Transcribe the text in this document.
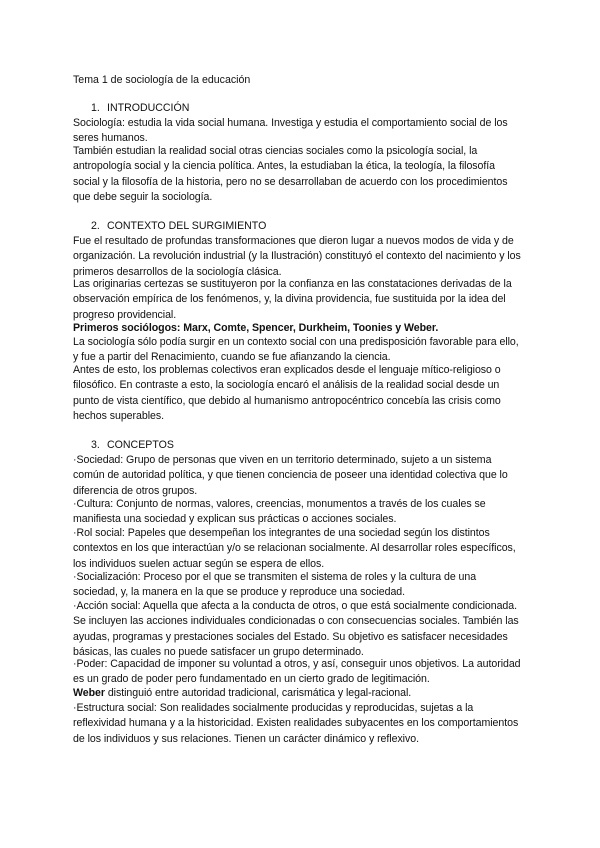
Tema 1 de sociología de la educación
1. INTRODUCCIÓN

Sociología: estudia la vida social humana. Investiga y estudia el comportamiento social de los seres humanos.

También estudian la realidad social otras ciencias sociales como la psicología social, la antropología social y la ciencia política. Antes, la estudiaban la ética, la teología, la filosofía social y la filosofía de la historia, pero no se desarrollaban de acuerdo con los procedimientos que debe seguir la sociología.

2. CONTEXTO DEL SURGIMIENTO

Fue el resultado de profundas transformaciones que dieron lugar a nuevos modos de vida y de organización. La revolución industrial (y la Ilustración) constituyó el contexto del nacimiento y los primeros desarrollos de la sociología clásica.

Las originarias certezas se sustituyeron por la confianza en las constataciones derivadas de la observación empírica de los fenómenos, y, la divina providencia, fue sustituida por la idea del progreso providencial.

Primeros sociólogos: Marx, Comte, Spencer, Durkheim, Toonies y Weber.

La sociología sólo podía surgir en un contexto social con una predisposición favorable para ello, y fue a partir del Renacimiento, cuando se fue afianzando la ciencia.

Antes de esto, los problemas colectivos eran explicados desde el lenguaje mítico-religioso o filosófico. En contraste a esto, la sociología encaró el análisis de la realidad social desde un punto de vista científico, que debido al humanismo antropocéntrico concebía las crisis como hechos superables.

3. CONCEPTOS

·Sociedad: Grupo de personas que viven en un territorio determinado, sujeto a un sistema común de autoridad política, y que tienen conciencia de poseer una identidad colectiva que lo diferencia de otros grupos.

·Cultura: Conjunto de normas, valores, creencias, monumentos a través de los cuales se manifiesta una sociedad y explican sus prácticas o acciones sociales.

·Rol social: Papeles que desempeñan los integrantes de una sociedad según los distintos contextos en los que interactúan y/o se relacionan socialmente. Al desarrollar roles específicos, los individuos suelen actuar según se espera de ellos.

·Socialización: Proceso por el que se transmiten el sistema de roles y la cultura de una sociedad, y, la manera en la que se produce y reproduce una sociedad.

·Acción social: Aquella que afecta a la conducta de otros, o que está socialmente condicionada. Se incluyen las acciones individuales condicionadas o con consecuencias sociales. También las ayudas, programas y prestaciones sociales del Estado. Su objetivo es satisfacer necesidades básicas, las cuales no puede satisfacer un grupo determinado.

·Poder: Capacidad de imponer su voluntad a otros, y así, conseguir unos objetivos. La autoridad es un grado de poder pero fundamentado en un cierto grado de legitimación.

Weber distinguió entre autoridad tradicional, carismática y legal-racional.

·Estructura social: Son realidades socialmente producidas y reproducidas, sujetas a la reflexividad humana y a la historicidad. Existen realidades subyacentes en los comportamientos de los individuos y sus relaciones. Tienen un carácter dinámico y reflexivo.
